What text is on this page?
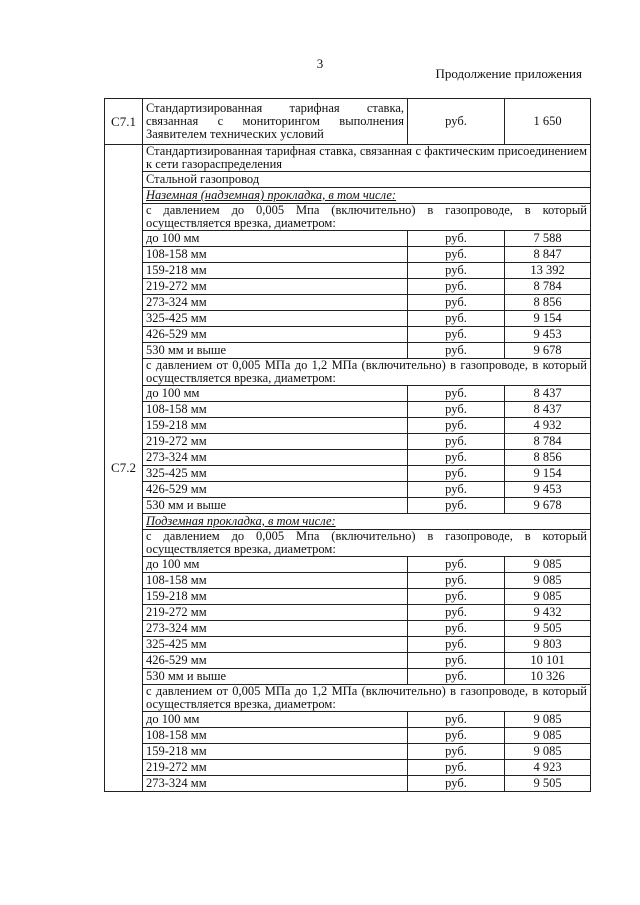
3
Продолжение приложения
С7.1	Стандартизированная тарифная ставка, связанная с мониторингом выполнения Заявителем технических условий	руб.	1 650
С7.2	Стандартизированная тарифная ставка, связанная с фактическим присоединением к сети газораспределения		
	Стальной газопровод		
	Наземная (надземная) прокладка, в том числе:		
	с давлением до 0,005 Мпа (включительно) в газопроводе, в который осуществляется врезка, диаметром:		
	до 100 мм	руб.	7 588
	108-158 мм	руб.	8 847
	159-218 мм	руб.	13 392
	219-272 мм	руб.	8 784
	273-324 мм	руб.	8 856
	325-425 мм	руб.	9 154
	426-529 мм	руб.	9 453
	530 мм и выше	руб.	9 678
	с давлением от 0,005 МПа до 1,2 МПа (включительно) в газопроводе, в который осуществляется врезка, диаметром:		
	до 100 мм	руб.	8 437
	108-158 мм	руб.	8 437
	159-218 мм	руб.	4 932
	219-272 мм	руб.	8 784
	273-324 мм	руб.	8 856
	325-425 мм	руб.	9 154
	426-529 мм	руб.	9 453
	530 мм и выше	руб.	9 678
	Подземная прокладка, в том числе:		
	с давлением до 0,005 Мпа (включительно) в газопроводе, в который осуществляется врезка, диаметром:		
	до 100 мм	руб.	9 085
	108-158 мм	руб.	9 085
	159-218 мм	руб.	9 085
	219-272 мм	руб.	9 432
	273-324 мм	руб.	9 505
	325-425 мм	руб.	9 803
	426-529 мм	руб.	10 101
	530 мм и выше	руб.	10 326
	с давлением от 0,005 МПа до 1,2 МПа (включительно) в газопроводе, в который осуществляется врезка, диаметром:		
	до 100 мм	руб.	9 085
	108-158 мм	руб.	9 085
	159-218 мм	руб.	9 085
	219-272 мм	руб.	4 923
	273-324 мм	руб.	9 505
